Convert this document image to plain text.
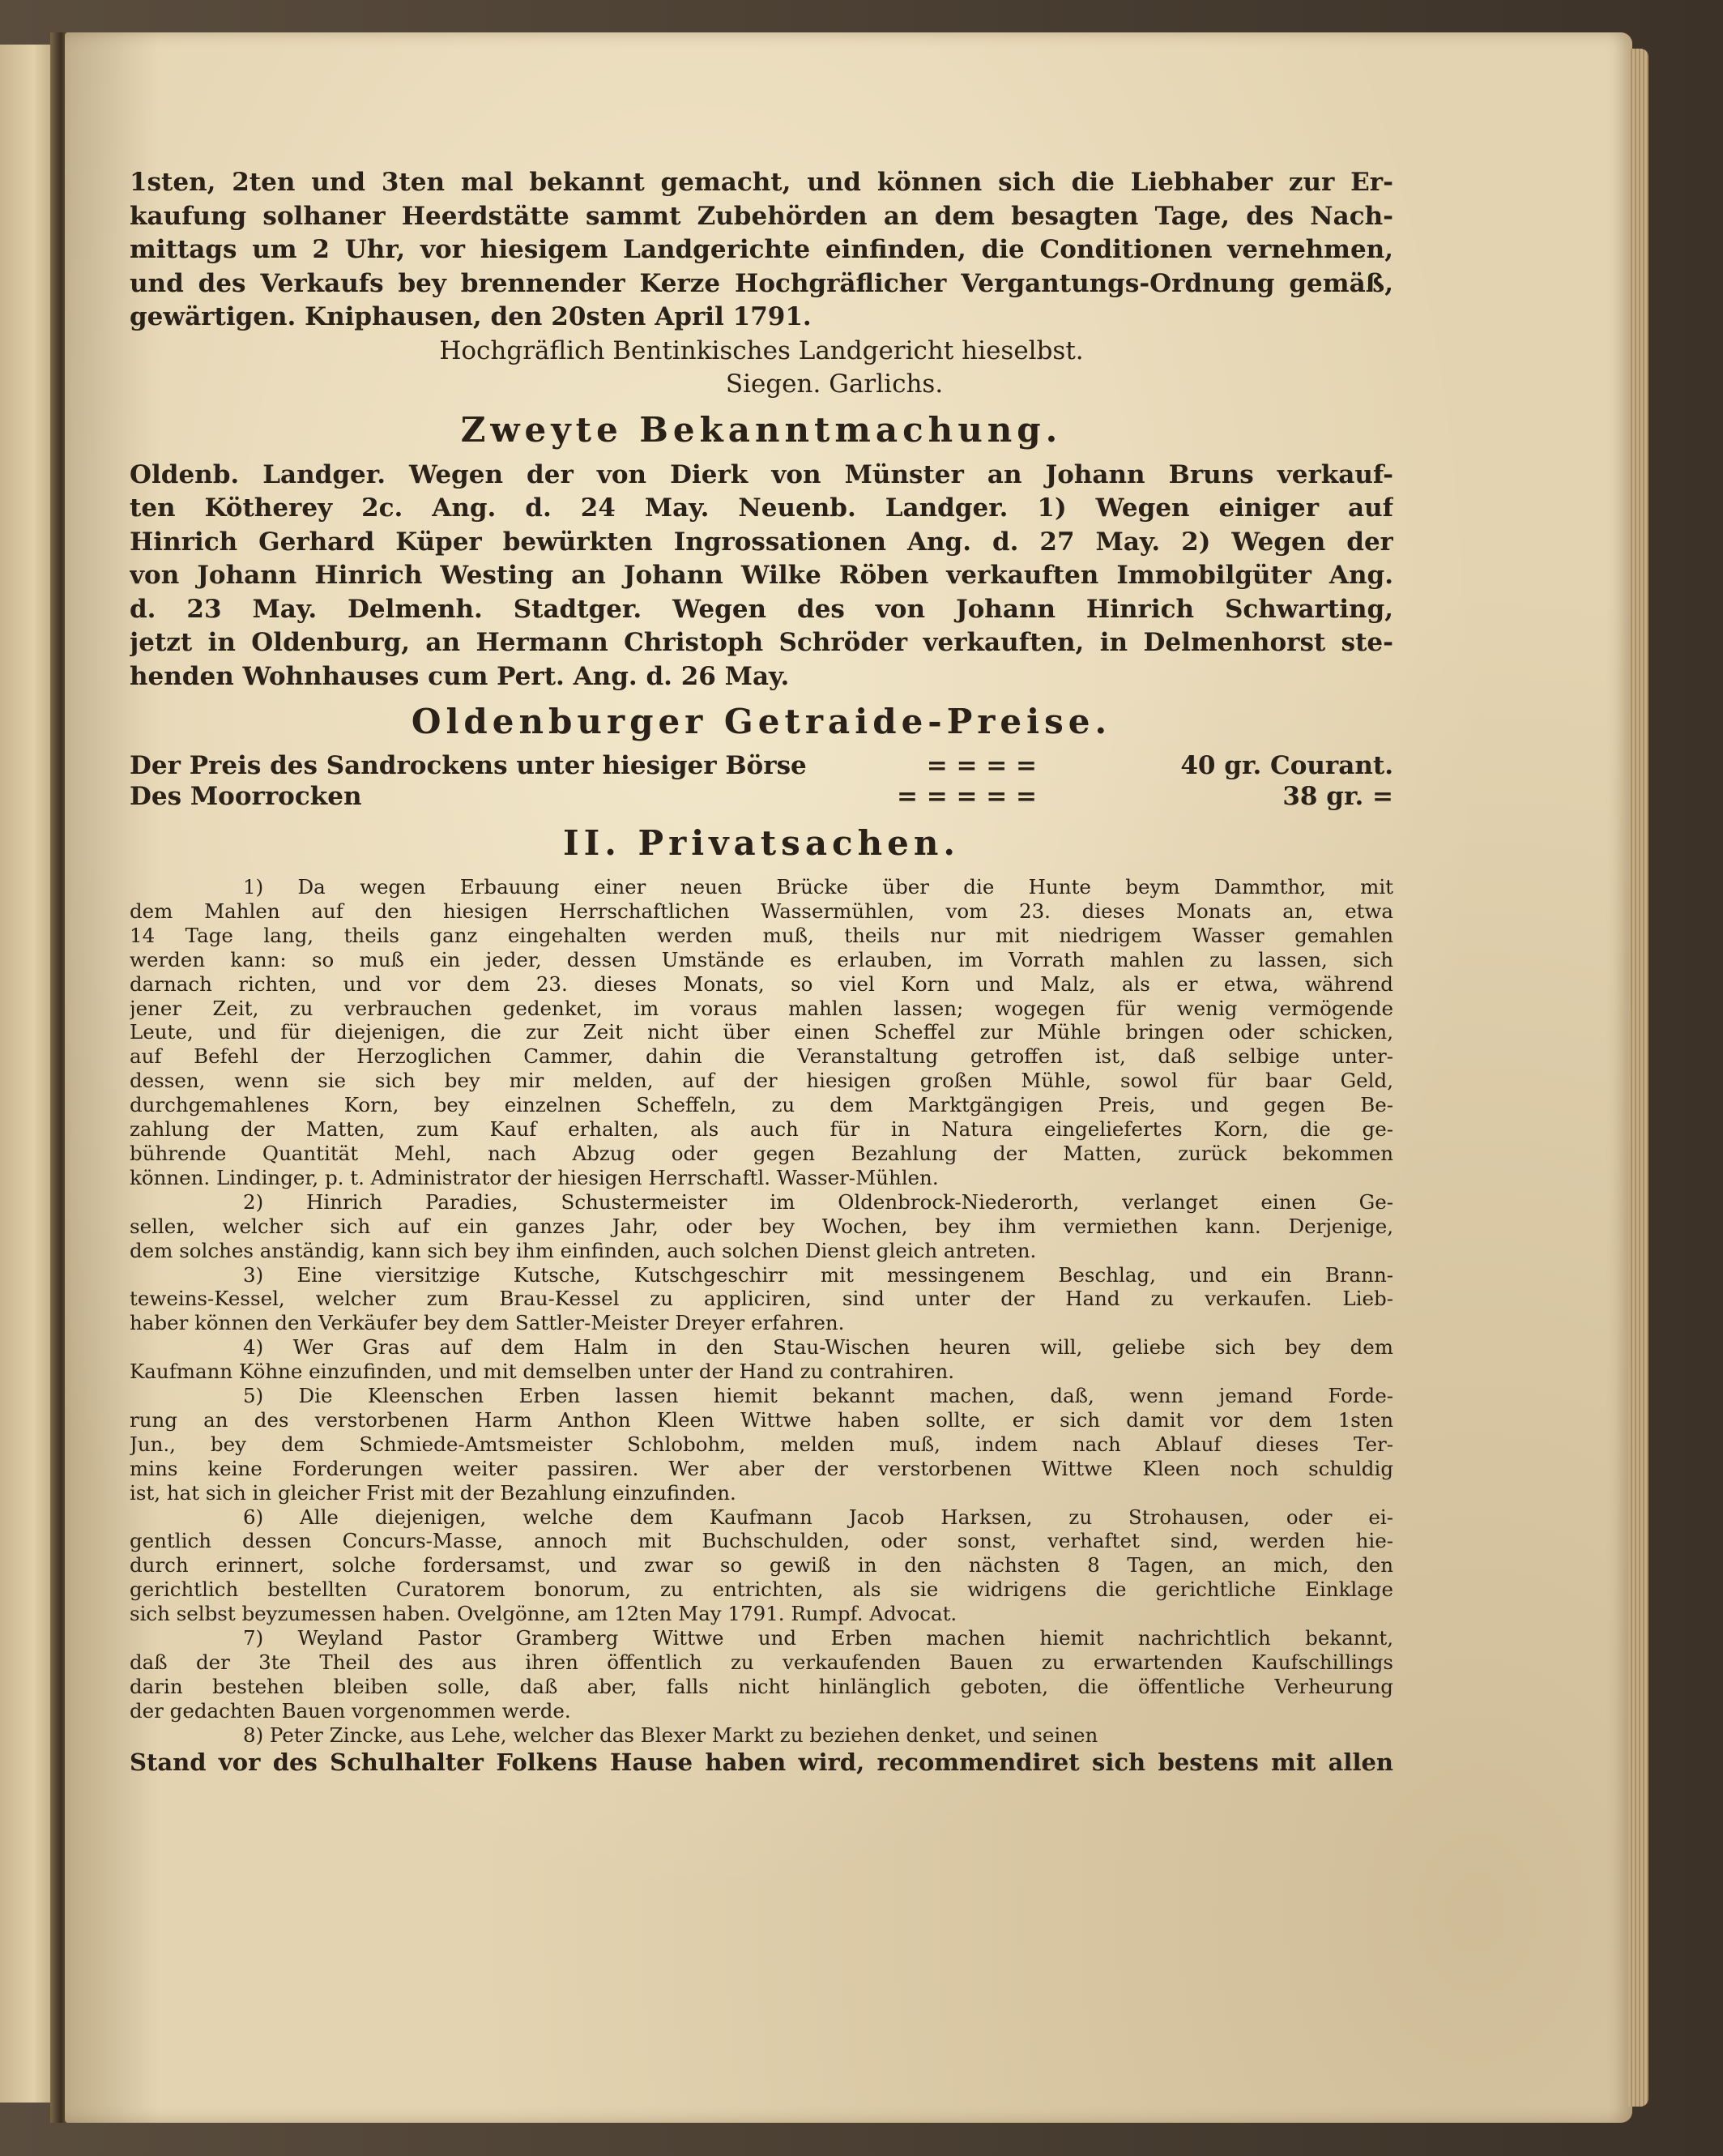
1sten, 2ten und 3ten mal bekannt gemacht, und können sich die Liebhaber zur Er-
kaufung solhaner Heerdstätte sammt Zubehörden an dem besagten Tage, des Nach-
mittags um 2 Uhr, vor hiesigem Landgerichte einfinden, die Conditionen vernehmen,
und des Verkaufs bey brennender Kerze Hochgräflicher Vergantungs-Ordnung gemäß,
gewärtigen. Kniphausen, den 20sten April 1791.
Hochgräflich Bentinkisches Landgericht hieselbst.
Siegen. Garlichs.
Zweyte Bekanntmachung.
Oldenb. Landger. Wegen der von Dierk von Münster an Johann Bruns verkauf-
ten Kötherey 2c. Ang. d. 24 May. Neuenb. Landger. 1) Wegen einiger auf
Hinrich Gerhard Küper bewürkten Ingrossationen Ang. d. 27 May. 2) Wegen der
von Johann Hinrich Westing an Johann Wilke Röben verkauften Immobilgüter Ang.
d. 23 May. Delmenh. Stadtger. Wegen des von Johann Hinrich Schwarting,
jetzt in Oldenburg, an Hermann Christoph Schröder verkauften, in Delmenhorst ste-
henden Wohnhauses cum Pert. Ang. d. 26 May.
Oldenburger Getraide-Preise.
Der Preis des Sandrockens unter hiesiger Börse	= = = =	40 gr. Courant.
Des Moorrocken	= = = = =	38 gr. =
II. Privatsachen.
1) Da wegen Erbauung einer neuen Brücke über die Hunte beym Dammthor, mit
dem Mahlen auf den hiesigen Herrschaftlichen Wassermühlen, vom 23. dieses Monats an, etwa
14 Tage lang, theils ganz eingehalten werden muß, theils nur mit niedrigem Wasser gemahlen
werden kann: so muß ein jeder, dessen Umstände es erlauben, im Vorrath mahlen zu lassen, sich
darnach richten, und vor dem 23. dieses Monats, so viel Korn und Malz, als er etwa, während
jener Zeit, zu verbrauchen gedenket, im voraus mahlen lassen; wogegen für wenig vermögende
Leute, und für diejenigen, die zur Zeit nicht über einen Scheffel zur Mühle bringen oder schicken,
auf Befehl der Herzoglichen Cammer, dahin die Veranstaltung getroffen ist, daß selbige unter-
dessen, wenn sie sich bey mir melden, auf der hiesigen großen Mühle, sowol für baar Geld,
durchgemahlenes Korn, bey einzelnen Scheffeln, zu dem Marktgängigen Preis, und gegen Be-
zahlung der Matten, zum Kauf erhalten, als auch für in Natura eingeliefertes Korn, die ge-
bührende Quantität Mehl, nach Abzug oder gegen Bezahlung der Matten, zurück bekommen
können. Lindinger, p. t. Administrator der hiesigen Herrschaftl. Wasser-Mühlen.
2) Hinrich Paradies, Schustermeister im Oldenbrock-Niederorth, verlanget einen Ge-
sellen, welcher sich auf ein ganzes Jahr, oder bey Wochen, bey ihm vermiethen kann. Derjenige,
dem solches anständig, kann sich bey ihm einfinden, auch solchen Dienst gleich antreten.
3) Eine viersitzige Kutsche, Kutschgeschirr mit messingenem Beschlag, und ein Brann-
teweins-Kessel, welcher zum Brau-Kessel zu appliciren, sind unter der Hand zu verkaufen. Lieb-
haber können den Verkäufer bey dem Sattler-Meister Dreyer erfahren.
4) Wer Gras auf dem Halm in den Stau-Wischen heuren will, geliebe sich bey dem
Kaufmann Köhne einzufinden, und mit demselben unter der Hand zu contrahiren.
5) Die Kleenschen Erben lassen hiemit bekannt machen, daß, wenn jemand Forde-
rung an des verstorbenen Harm Anthon Kleen Wittwe haben sollte, er sich damit vor dem 1sten
Jun., bey dem Schmiede-Amtsmeister Schlobohm, melden muß, indem nach Ablauf dieses Ter-
mins keine Forderungen weiter passiren. Wer aber der verstorbenen Wittwe Kleen noch schuldig
ist, hat sich in gleicher Frist mit der Bezahlung einzufinden.
6) Alle diejenigen, welche dem Kaufmann Jacob Harksen, zu Strohausen, oder ei-
gentlich dessen Concurs-Masse, annoch mit Buchschulden, oder sonst, verhaftet sind, werden hie-
durch erinnert, solche fordersamst, und zwar so gewiß in den nächsten 8 Tagen, an mich, den
gerichtlich bestellten Curatorem bonorum, zu entrichten, als sie widrigens die gerichtliche Einklage
sich selbst beyzumessen haben. Ovelgönne, am 12ten May 1791. Rumpf. Advocat.
7) Weyland Pastor Gramberg Wittwe und Erben machen hiemit nachrichtlich bekannt,
daß der 3te Theil des aus ihren öffentlich zu verkaufenden Bauen zu erwartenden Kaufschillings
darin bestehen bleiben solle, daß aber, falls nicht hinlänglich geboten, die öffentliche Verheurung
der gedachten Bauen vorgenommen werde.
8) Peter Zincke, aus Lehe, welcher das Blexer Markt zu beziehen denket, und seinen
Stand vor des Schulhalter Folkens Hause haben wird, recommendiret sich bestens mit allen
